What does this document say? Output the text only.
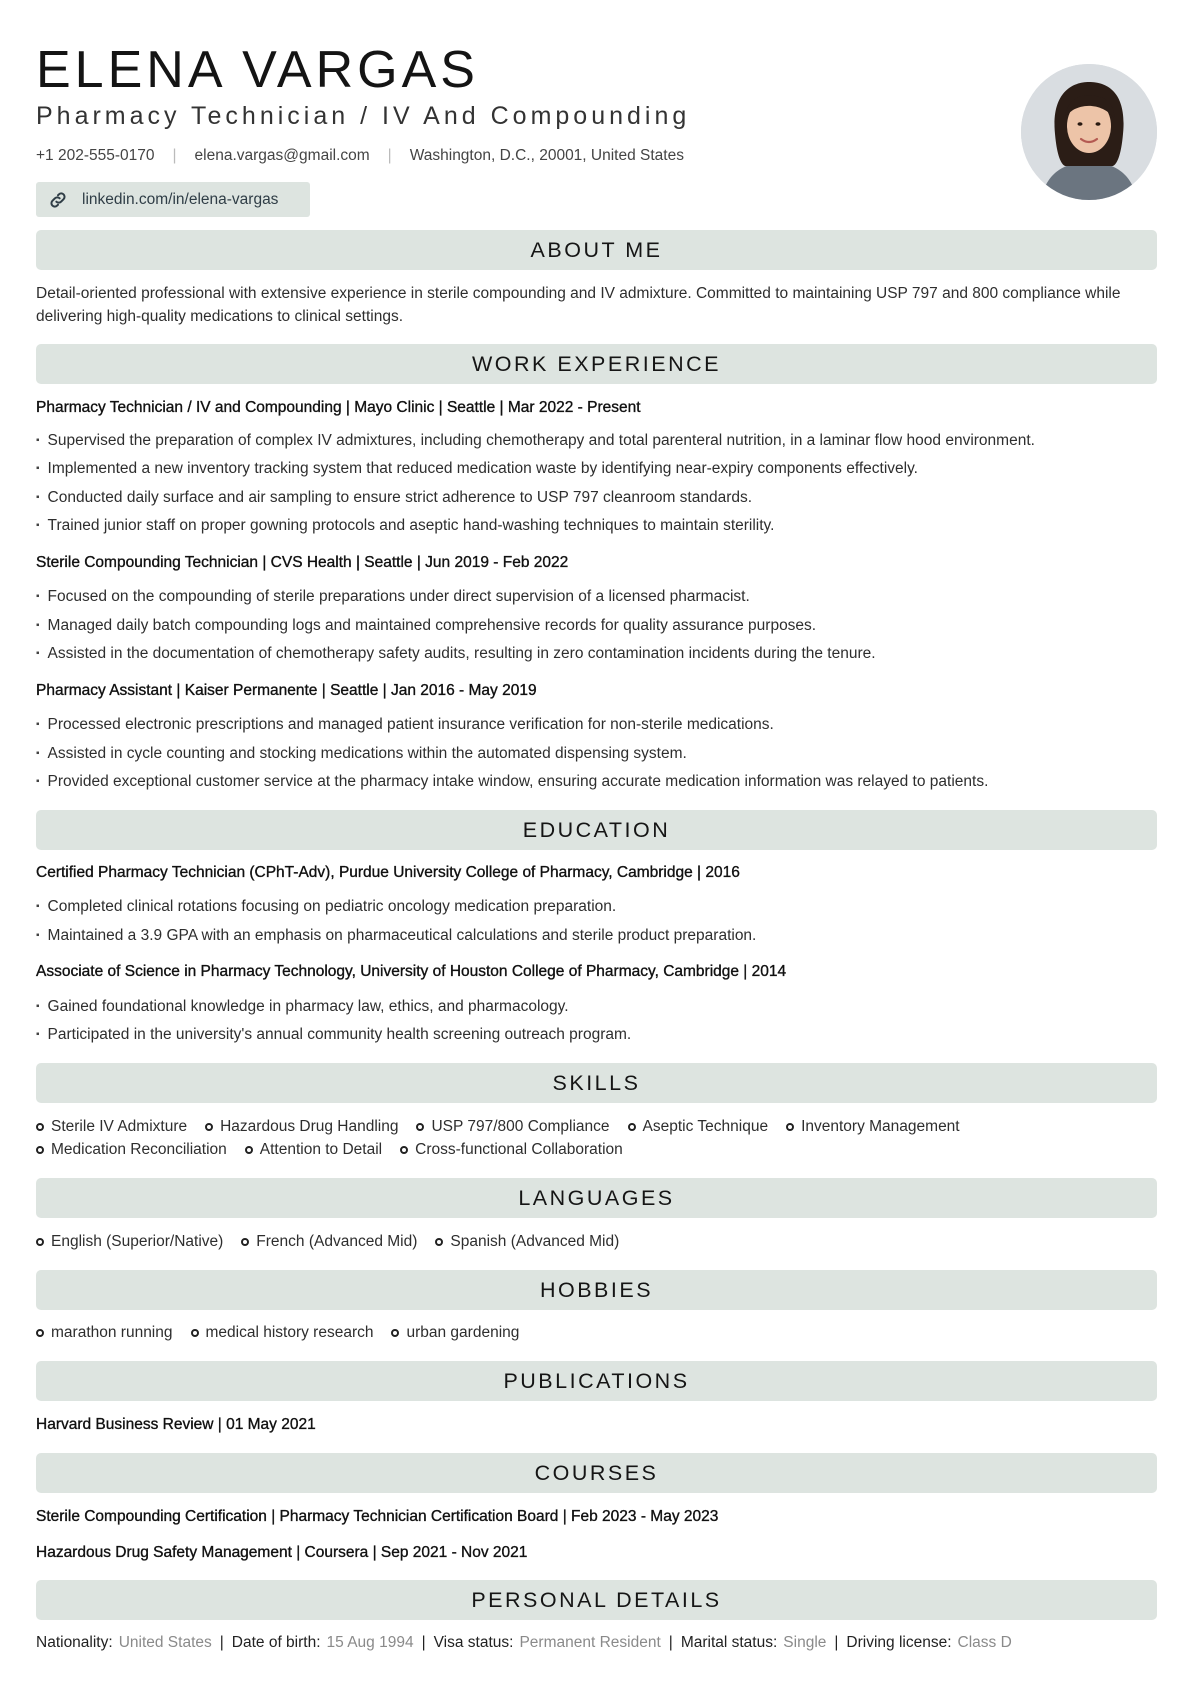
ELENA VARGAS
Pharmacy Technician / IV And Compounding
+1 202-555-0170 | elena.vargas@gmail.com | Washington, D.C., 20001, United States
linkedin.com/in/elena-vargas
ABOUT ME
Detail-oriented professional with extensive experience in sterile compounding and IV admixture. Committed to maintaining USP 797 and 800 compliance while delivering high-quality medications to clinical settings.
WORK EXPERIENCE
Pharmacy Technician / IV and Compounding | Mayo Clinic | Seattle | Mar 2022 - Present
▪ Supervised the preparation of complex IV admixtures, including chemotherapy and total parenteral nutrition, in a laminar flow hood environment.
▪ Implemented a new inventory tracking system that reduced medication waste by identifying near-expiry components effectively.
▪ Conducted daily surface and air sampling to ensure strict adherence to USP 797 cleanroom standards.
▪ Trained junior staff on proper gowning protocols and aseptic hand-washing techniques to maintain sterility.
Sterile Compounding Technician | CVS Health | Seattle | Jun 2019 - Feb 2022
▪ Focused on the compounding of sterile preparations under direct supervision of a licensed pharmacist.
▪ Managed daily batch compounding logs and maintained comprehensive records for quality assurance purposes.
▪ Assisted in the documentation of chemotherapy safety audits, resulting in zero contamination incidents during the tenure.
Pharmacy Assistant | Kaiser Permanente | Seattle | Jan 2016 - May 2019
▪ Processed electronic prescriptions and managed patient insurance verification for non-sterile medications.
▪ Assisted in cycle counting and stocking medications within the automated dispensing system.
▪ Provided exceptional customer service at the pharmacy intake window, ensuring accurate medication information was relayed to patients.
EDUCATION
Certified Pharmacy Technician (CPhT-Adv), Purdue University College of Pharmacy, Cambridge | 2016
▪ Completed clinical rotations focusing on pediatric oncology medication preparation.
▪ Maintained a 3.9 GPA with an emphasis on pharmaceutical calculations and sterile product preparation.
Associate of Science in Pharmacy Technology, University of Houston College of Pharmacy, Cambridge | 2014
▪ Gained foundational knowledge in pharmacy law, ethics, and pharmacology.
▪ Participated in the university's annual community health screening outreach program.
SKILLS
Sterile IV Admixture Hazardous Drug Handling USP 797/800 Compliance Aseptic Technique Inventory Management
Medication Reconciliation Attention to Detail Cross-functional Collaboration
LANGUAGES
English (Superior/Native) French (Advanced Mid) Spanish (Advanced Mid)
HOBBIES
marathon running medical history research urban gardening
PUBLICATIONS
Harvard Business Review | 01 May 2021
COURSES
Sterile Compounding Certification | Pharmacy Technician Certification Board | Feb 2023 - May 2023
Hazardous Drug Safety Management | Coursera | Sep 2021 - Nov 2021
PERSONAL DETAILS
Nationality: United States | Date of birth: 15 Aug 1994 | Visa status: Permanent Resident | Marital status: Single | Driving license: Class D
